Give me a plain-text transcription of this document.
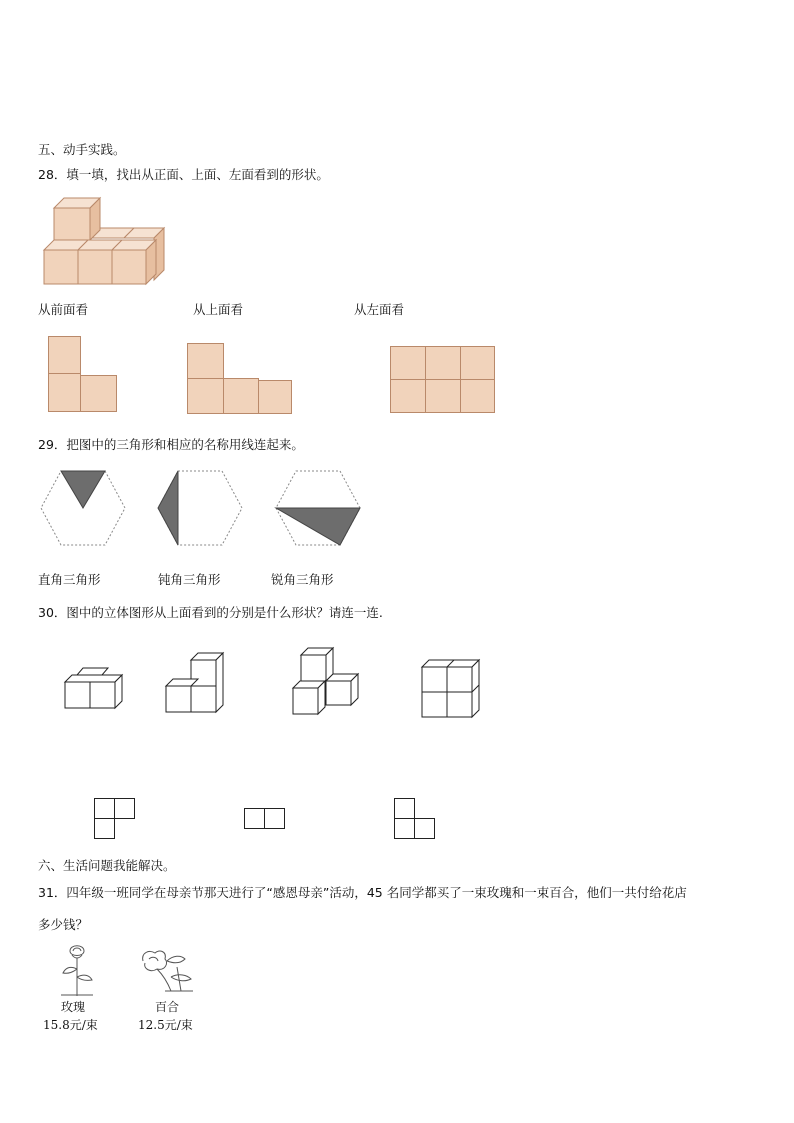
五、动手实践。
28．填一填，找出从正面、上面、左面看到的形状。
从前面看	从上面看	从左面看
29．把图中的三角形和相应的名称用线连起来。
直角三角形	钝角三角形	锐角三角形
30．图中的立体图形从上面看到的分别是什么形状？请连一连.
六、生活问题我能解决。
31．四年级一班同学在母亲节那天进行了“感恩母亲”活动，45 名同学都买了一束玫瑰和一束百合，他们一共付给花店
多少钱？
玫瑰
15.8元/束
百合
12.5元/束
